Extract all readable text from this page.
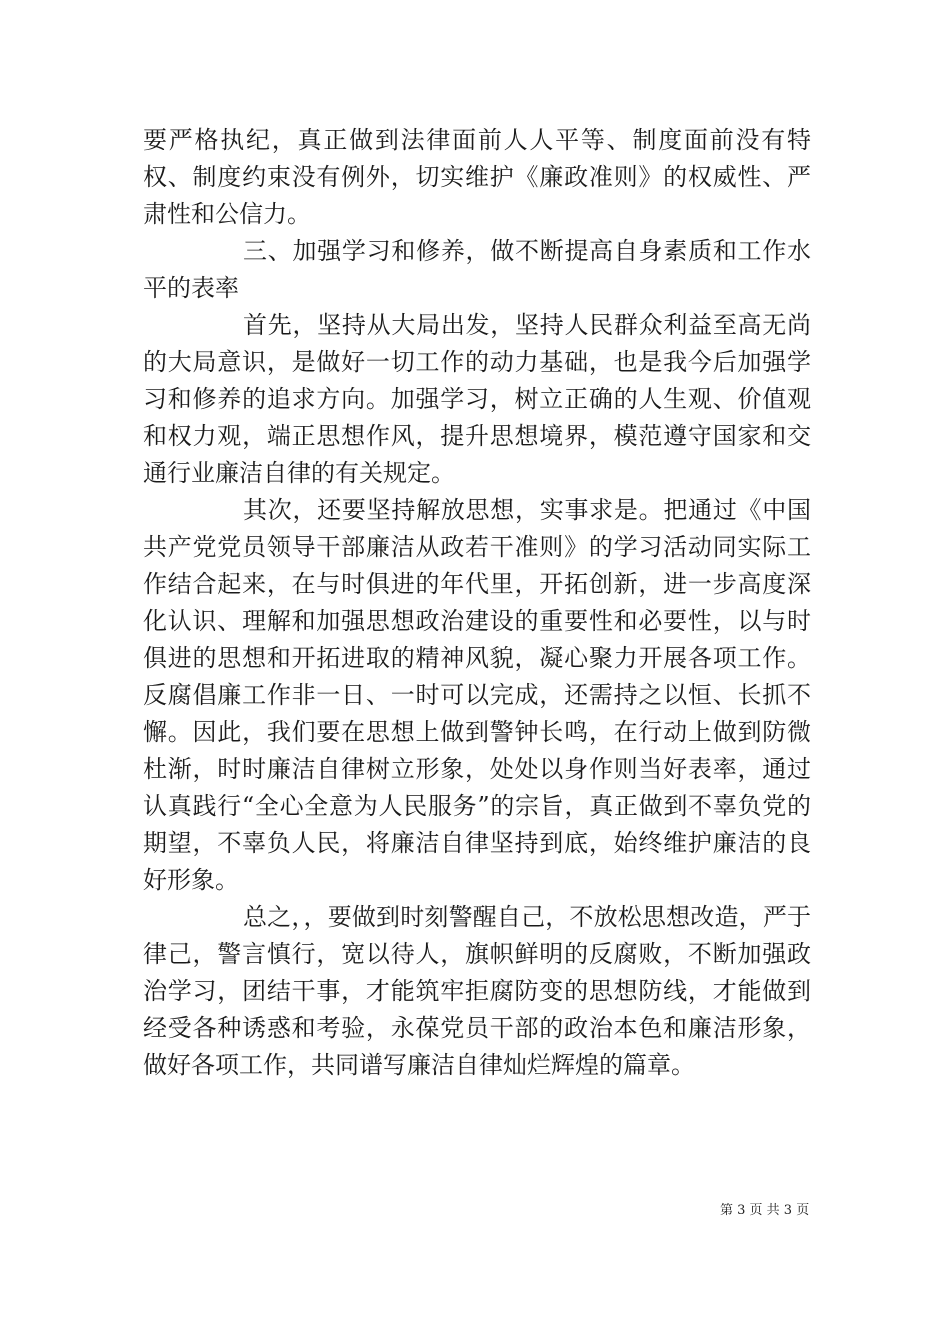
要严格执纪，真正做到法律面前人人平等、制度面前没有特权、制度约束没有例外，切实维护《廉政准则》的权威性、严肃性和公信力。

三、加强学习和修养，做不断提高自身素质和工作水平的表率

首先，坚持从大局出发，坚持人民群众利益至高无尚的大局意识，是做好一切工作的动力基础，也是我今后加强学习和修养的追求方向。加强学习，树立正确的人生观、价值观和权力观，端正思想作风，提升思想境界，模范遵守国家和交通行业廉洁自律的有关规定。

其次，还要坚持解放思想，实事求是。把通过《中国共产党党员领导干部廉洁从政若干准则》的学习活动同实际工作结合起来，在与时俱进的年代里，开拓创新，进一步高度深化认识、理解和加强思想政治建设的重要性和必要性，以与时俱进的思想和开拓进取的精神风貌，凝心聚力开展各项工作。反腐倡廉工作非一日、一时可以完成，还需持之以恒、长抓不懈。因此，我们要在思想上做到警钟长鸣，在行动上做到防微杜渐，时时廉洁自律树立形象，处处以身作则当好表率，通过认真践行“全心全意为人民服务”的宗旨，真正做到不辜负党的期望，不辜负人民，将廉洁自律坚持到底，始终维护廉洁的良好形象。

总之，，要做到时刻警醒自己，不放松思想改造，严于律己，警言慎行，宽以待人，旗帜鲜明的反腐败，不断加强政治学习，团结干事，才能筑牢拒腐防变的思想防线，才能做到经受各种诱惑和考验，永葆党员干部的政治本色和廉洁形象，做好各项工作，共同谱写廉洁自律灿烂辉煌的篇章。

第 3 页 共 3 页
